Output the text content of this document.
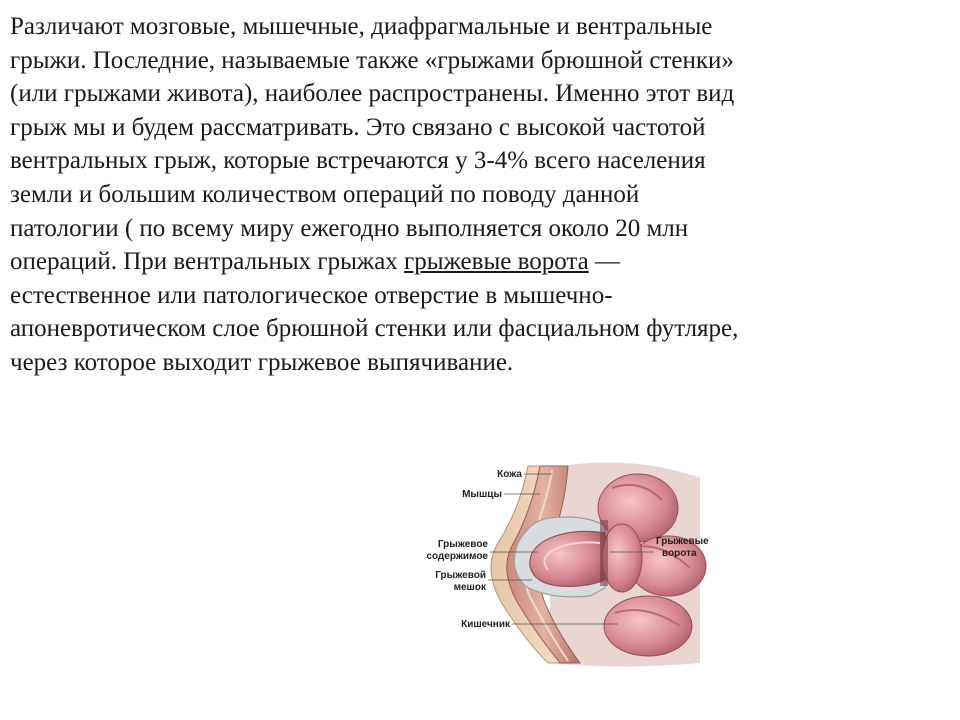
Различают мозговые, мышечные, диафрагмальные и вентральные
грыжи. Последние, называемые также «грыжами брюшной стенки»
(или грыжами живота), наиболее распространены. Именно этот вид
грыж мы и будем рассматривать. Это связано с высокой частотой
вентральных грыж, которые встречаются у 3-4% всего населения
земли и большим количеством операций по поводу данной
патологии ( по всему миру ежегодно выполняется около 20 млн
операций. При вентральных грыжах грыжевые ворота —
естественное или патологическое отверстие в мышечно-
апоневротическом слое брюшной стенки или фасциальном футляре,
через которое выходит грыжевое выпячивание.
Кожа
Мышцы
Грыжевое
содержимое
Грыжевой
мешок
Кишечник
Грыжевые
ворота
